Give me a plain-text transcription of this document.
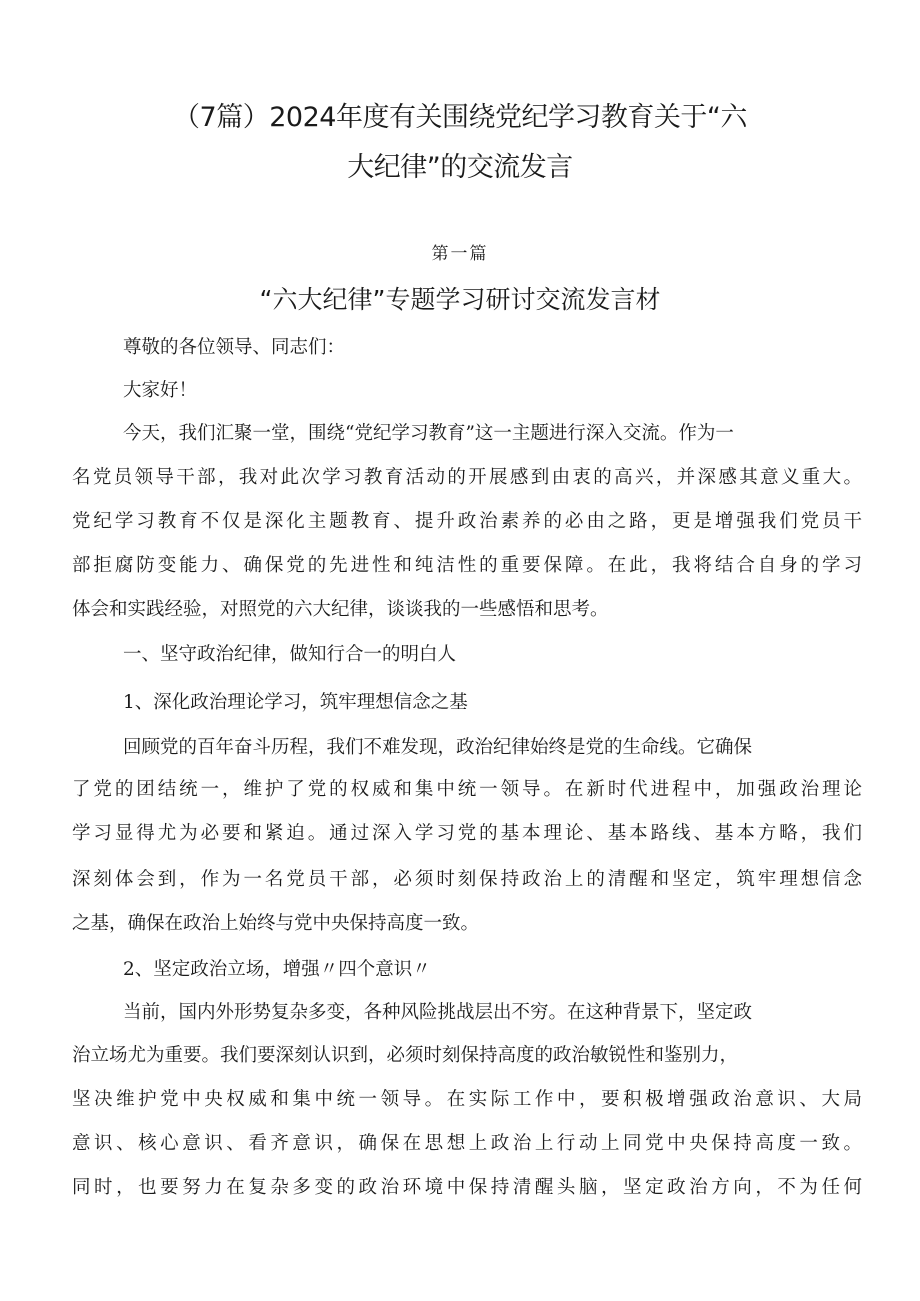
（7篇）2024年度有关围绕党纪学习教育关于“六
大纪律”的交流发言
第一篇
“六大纪律”专题学习研讨交流发言材
尊敬的各位领导、同志们：
大家好！
今天，我们汇聚一堂，围绕“党纪学习教育”这一主题进行深入交流。作为一
名党员领导干部，我对此次学习教育活动的开展感到由衷的高兴，并深感其意义重大。
党纪学习教育不仅是深化主题教育、提升政治素养的必由之路，更是增强我们党员干
部拒腐防变能力、确保党的先进性和纯洁性的重要保障。在此，我将结合自身的学习
体会和实践经验，对照党的六大纪律，谈谈我的一些感悟和思考。
一、坚守政治纪律，做知行合一的明白人
1、深化政治理论学习，筑牢理想信念之基
回顾党的百年奋斗历程，我们不难发现，政治纪律始终是党的生命线。它确保
了党的团结统一，维护了党的权威和集中统一领导。在新时代进程中，加强政治理论
学习显得尤为必要和紧迫。通过深入学习党的基本理论、基本路线、基本方略，我们
深刻体会到，作为一名党员干部，必须时刻保持政治上的清醒和坚定，筑牢理想信念
之基，确保在政治上始终与党中央保持高度一致。
2、坚定政治立场，增强〃四个意识〃
当前，国内外形势复杂多变，各种风险挑战层出不穷。在这种背景下，坚定政
治立场尤为重要。我们要深刻认识到，必须时刻保持高度的政治敏锐性和鉴别力，
坚决维护党中央权威和集中统一领导。在实际工作中，要积极增强政治意识、大局
意识、核心意识、看齐意识，确保在思想上政治上行动上同党中央保持高度一致。
同时，也要努力在复杂多变的政治环境中保持清醒头脑，坚定政治方向，不为任何
